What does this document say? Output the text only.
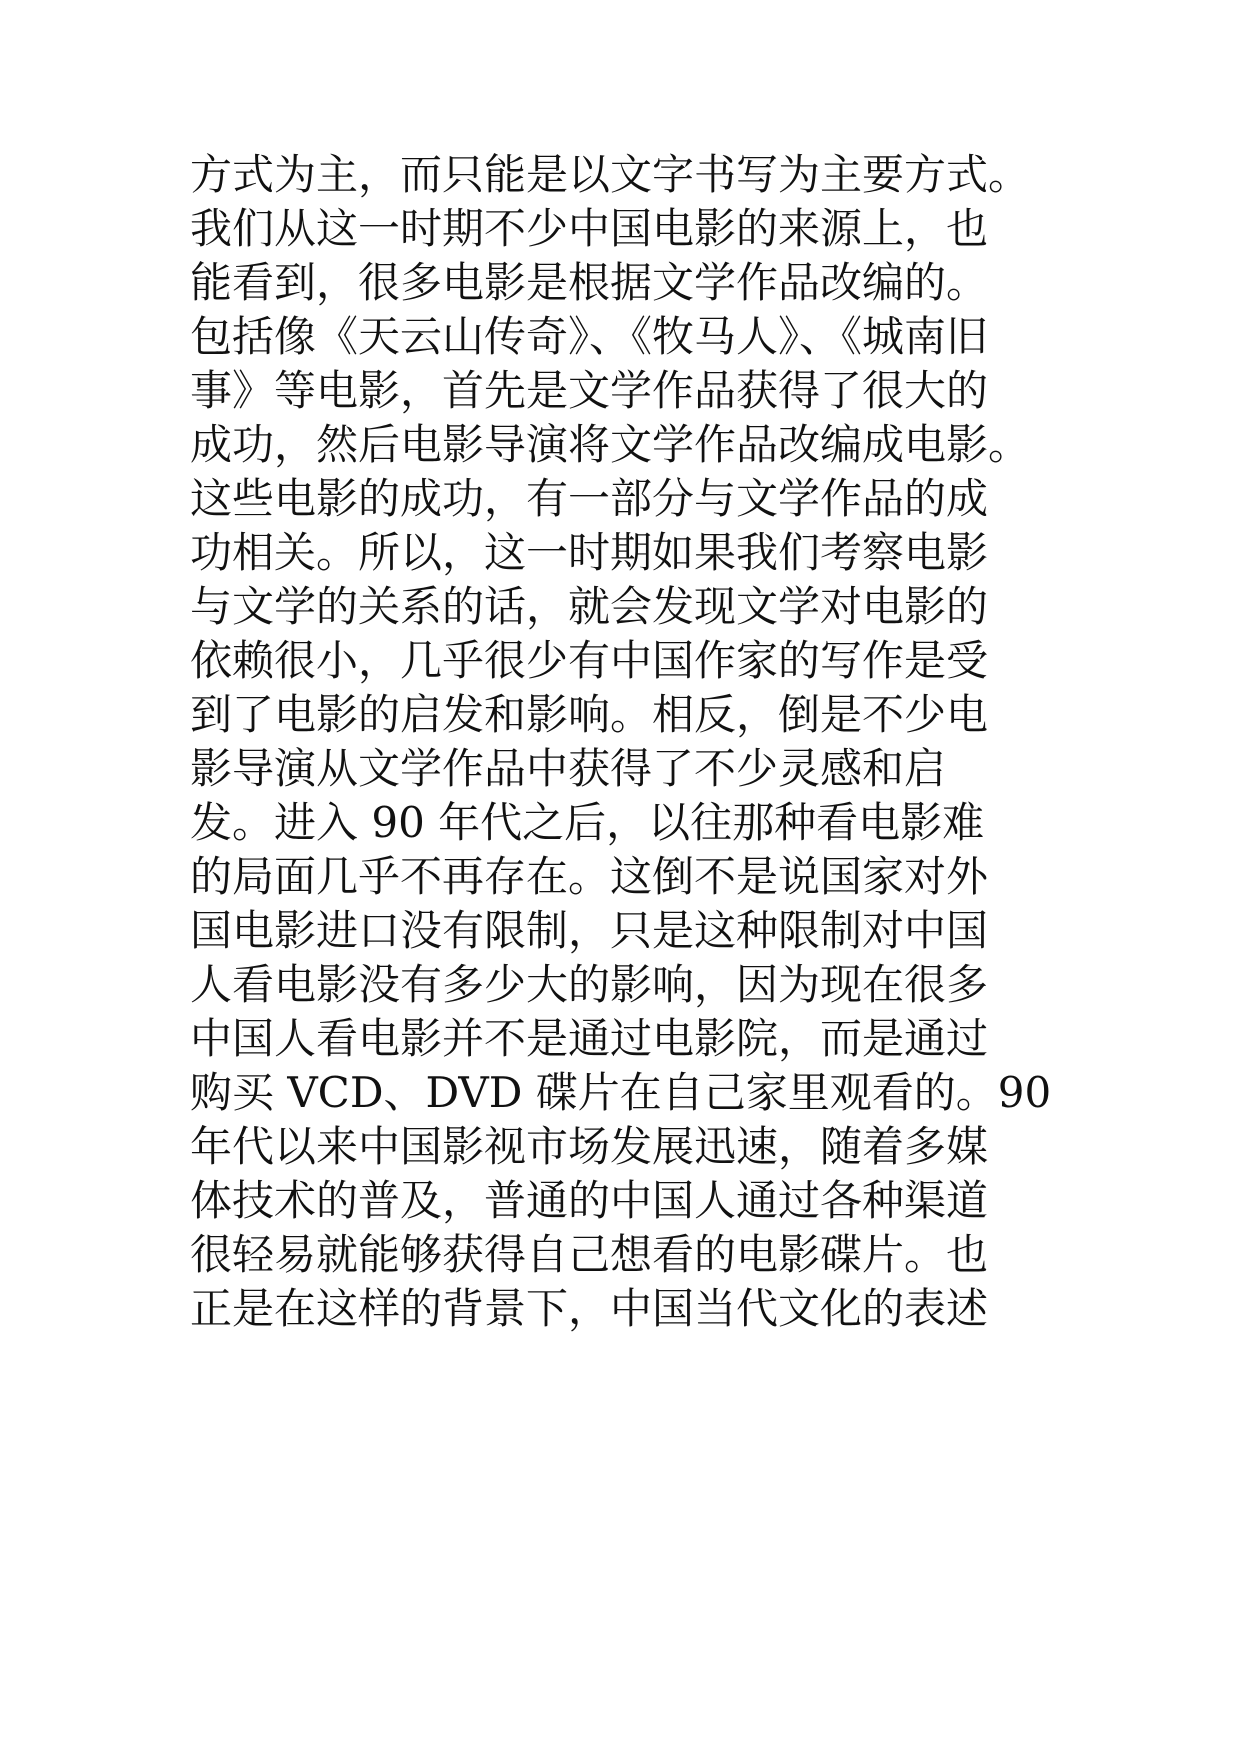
方式为主，而只能是以文字书写为主要方式。

我们从这一时期不少中国电影的来源上，也

能看到，很多电影是根据文学作品改编的。

包括像《天云山传奇》、《牧马人》、《城南旧

事》等电影，首先是文学作品获得了很大的

成功，然后电影导演将文学作品改编成电影。

这些电影的成功，有一部分与文学作品的成

功相关。所以，这一时期如果我们考察电影

与文学的关系的话，就会发现文学对电影的

依赖很小，几乎很少有中国作家的写作是受

到了电影的启发和影响。相反，倒是不少电

影导演从文学作品中获得了不少灵感和启

发。进入 90 年代之后，以往那种看电影难

的局面几乎不再存在。这倒不是说国家对外

国电影进口没有限制，只是这种限制对中国

人看电影没有多少大的影响，因为现在很多

中国人看电影并不是通过电影院，而是通过

购买 VCD、DVD 碟片在自己家里观看的。90

年代以来中国影视市场发展迅速，随着多媒

体技术的普及，普通的中国人通过各种渠道

很轻易就能够获得自己想看的电影碟片。也

正是在这样的背景下，中国当代文化的表述
